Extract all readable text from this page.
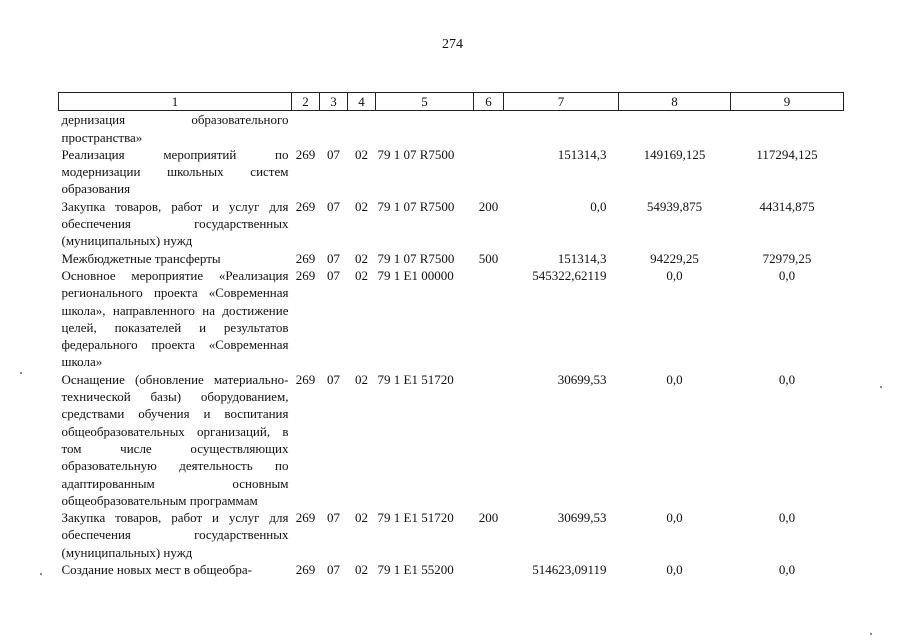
274
1	2	3	4	5	6	7	8	9
дернизация образовательного пространства»								
Реализация мероприятий по модернизации школьных систем образования	269	07	02	79 1 07 R7500		151314,3	149169,125	117294,125
Закупка товаров, работ и услуг для обеспечения государственных (муниципальных) нужд	269	07	02	79 1 07 R7500	200	0,0	54939,875	44314,875
Межбюджетные трансферты	269	07	02	79 1 07 R7500	500	151314,3	94229,25	72979,25
Основное мероприятие «Реализация регионального проекта «Современная школа», направленного на достижение целей, показателей и результатов федерального проекта «Современная школа»	269	07	02	79 1 E1 00000		545322,62119	0,0	0,0
Оснащение (обновление материально-технической базы) оборудованием, средствами обучения и воспитания общеобразовательных организаций, в том числе осуществляющих образовательную деятельность по адаптированным основным общеобразовательным программам	269	07	02	79 1 E1 51720		30699,53	0,0	0,0
Закупка товаров, работ и услуг для обеспечения государственных (муниципальных) нужд	269	07	02	79 1 E1 51720	200	30699,53	0,0	0,0
Создание новых мест в общеобра-	269	07	02	79 1 E1 55200		514623,09119	0,0	0,0
